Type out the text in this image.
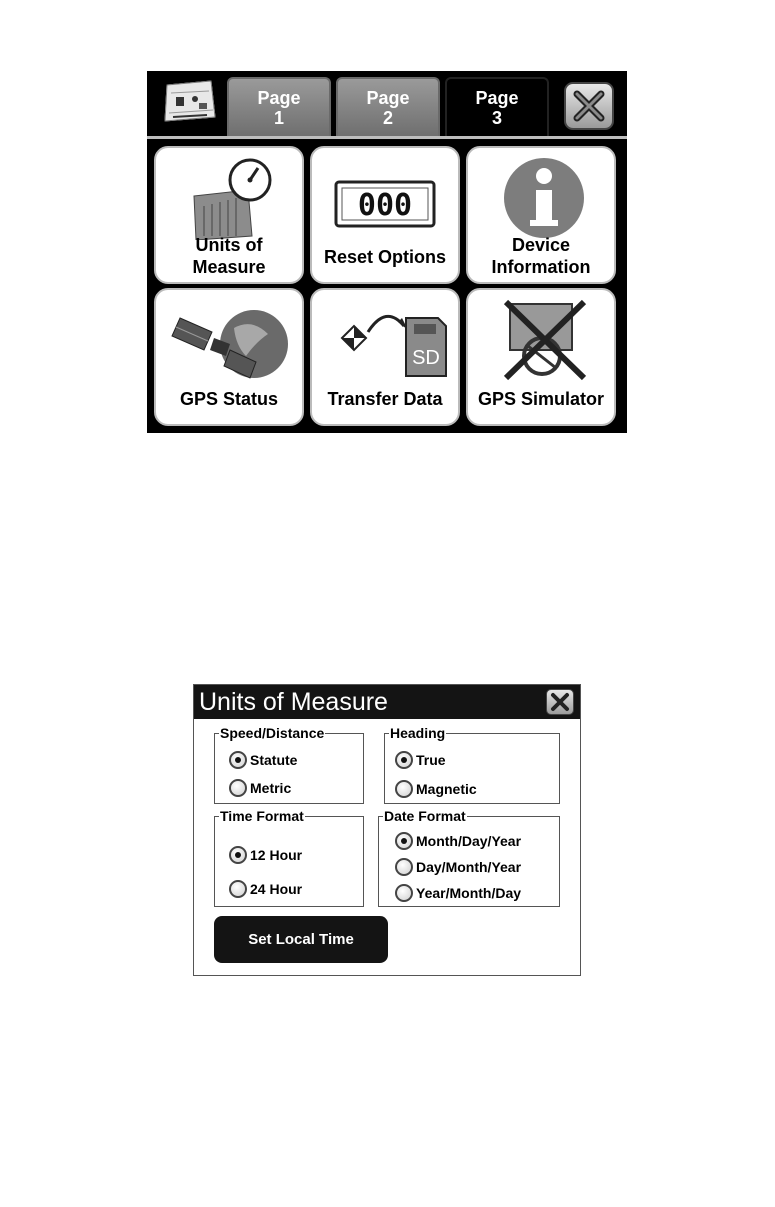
Page
1
Page
2
Page
3
Units of
Measure
000
Reset Options
Device
Information
GPS Status
SD
Transfer Data	GPS Simulator
Units of Measure
Speed/Distance
Statute
Metric
Heading
True
Magnetic
Time Format
12 Hour
24 Hour
Date Format
Month/Day/Year
Day/Month/Year
Year/Month/Day
Set Local Time
